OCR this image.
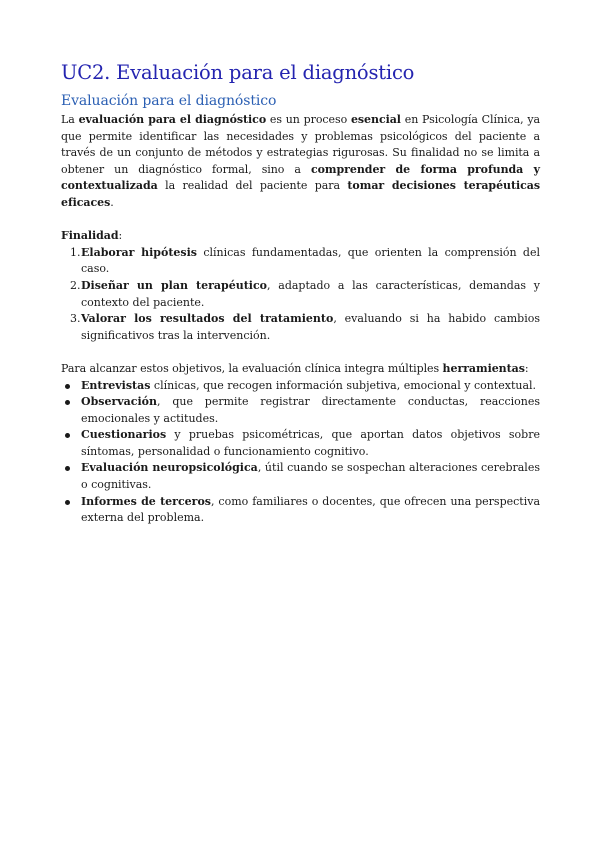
UC2. Evaluación para el diagnóstico
Evaluación para el diagnóstico

La evaluación para el diagnóstico es un proceso esencial en Psicología Clínica, ya que permite identificar las necesidades y problemas psicológicos del paciente a través de un conjunto de métodos y estrategias rigurosas. Su finalidad no se limita a obtener un diagnóstico formal, sino a comprender de forma profunda y contextualizada la realidad del paciente para tomar decisiones terapéuticas eficaces.

Finalidad:

1. Elaborar hipótesis clínicas fundamentadas, que orienten la comprensión del caso.
2. Diseñar un plan terapéutico, adaptado a las características, demandas y contexto del paciente.
3. Valorar los resultados del tratamiento, evaluando si ha habido cambios significativos tras la intervención.

Para alcanzar estos objetivos, la evaluación clínica integra múltiples herramientas:

Entrevistas clínicas, que recogen información subjetiva, emocional y contextual.
Observación, que permite registrar directamente conductas, reacciones emocionales y actitudes.
Cuestionarios y pruebas psicométricas, que aportan datos objetivos sobre síntomas, personalidad o funcionamiento cognitivo.
Evaluación neuropsicológica, útil cuando se sospechan alteraciones cerebrales o cognitivas.
Informes de terceros, como familiares o docentes, que ofrecen una perspectiva externa del problema.
